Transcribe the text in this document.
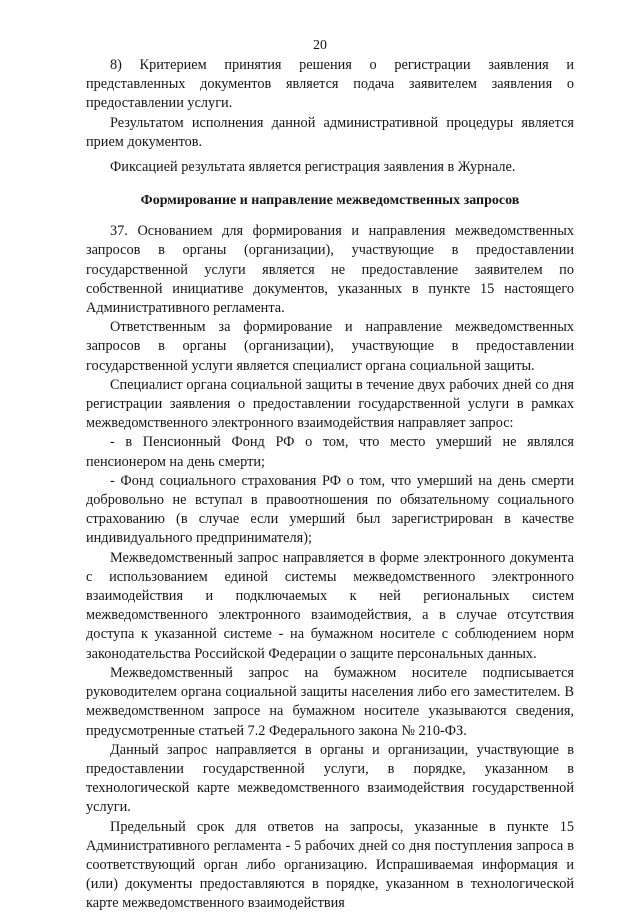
20

8) Критерием принятия решения о регистрации заявления и представленных документов является подача заявителем заявления о предоставлении услуги.

Результатом исполнения данной административной процедуры является прием документов.

Фиксацией результата является регистрация заявления в Журнале.

Формирование и направление межведомственных запросов

37. Основанием для формирования и направления межведомственных запросов в органы (организации), участвующие в предоставлении государственной услуги является не предоставление заявителем по собственной инициативе документов, указанных в пункте 15 настоящего Административного регламента.

Ответственным за формирование и направление межведомственных запросов в органы (организации), участвующие в предоставлении государственной услуги является специалист органа социальной защиты.

Специалист органа социальной защиты в течение двух рабочих дней со дня регистрации заявления о предоставлении государственной услуги в рамках межведомственного электронного взаимодействия направляет запрос:

- в Пенсионный Фонд РФ о том, что место умерший не являлся пенсионером на день смерти;

- Фонд социального страхования РФ о том, что умерший на день смерти добровольно не вступал в правоотношения по обязательному социального страхованию (в случае если умерший был зарегистрирован в качестве индивидуального предпринимателя);

Межведомственный запрос направляется в форме электронного документа с использованием единой системы межведомственного электронного взаимодействия и подключаемых к ней региональных систем межведомственного электронного взаимодействия, а в случае отсутствия доступа к указанной системе - на бумажном носителе с соблюдением норм законодательства Российской Федерации о защите персональных данных.

Межведомственный запрос на бумажном носителе подписывается руководителем органа социальной защиты населения либо его заместителем. В межведомственном запросе на бумажном носителе указываются сведения, предусмотренные статьей 7.2 Федерального закона № 210-ФЗ.

Данный запрос направляется в органы и организации, участвующие в предоставлении государственной услуги, в порядке, указанном в технологической карте межведомственного взаимодействия государственной услуги.

Предельный срок для ответов на запросы, указанные в пункте 15 Административного регламента - 5 рабочих дней со дня поступления запроса в соответствующий орган либо организацию. Испрашиваемая информация и (или) документы предоставляются в порядке, указанном в технологической карте межведомственного взаимодействия
